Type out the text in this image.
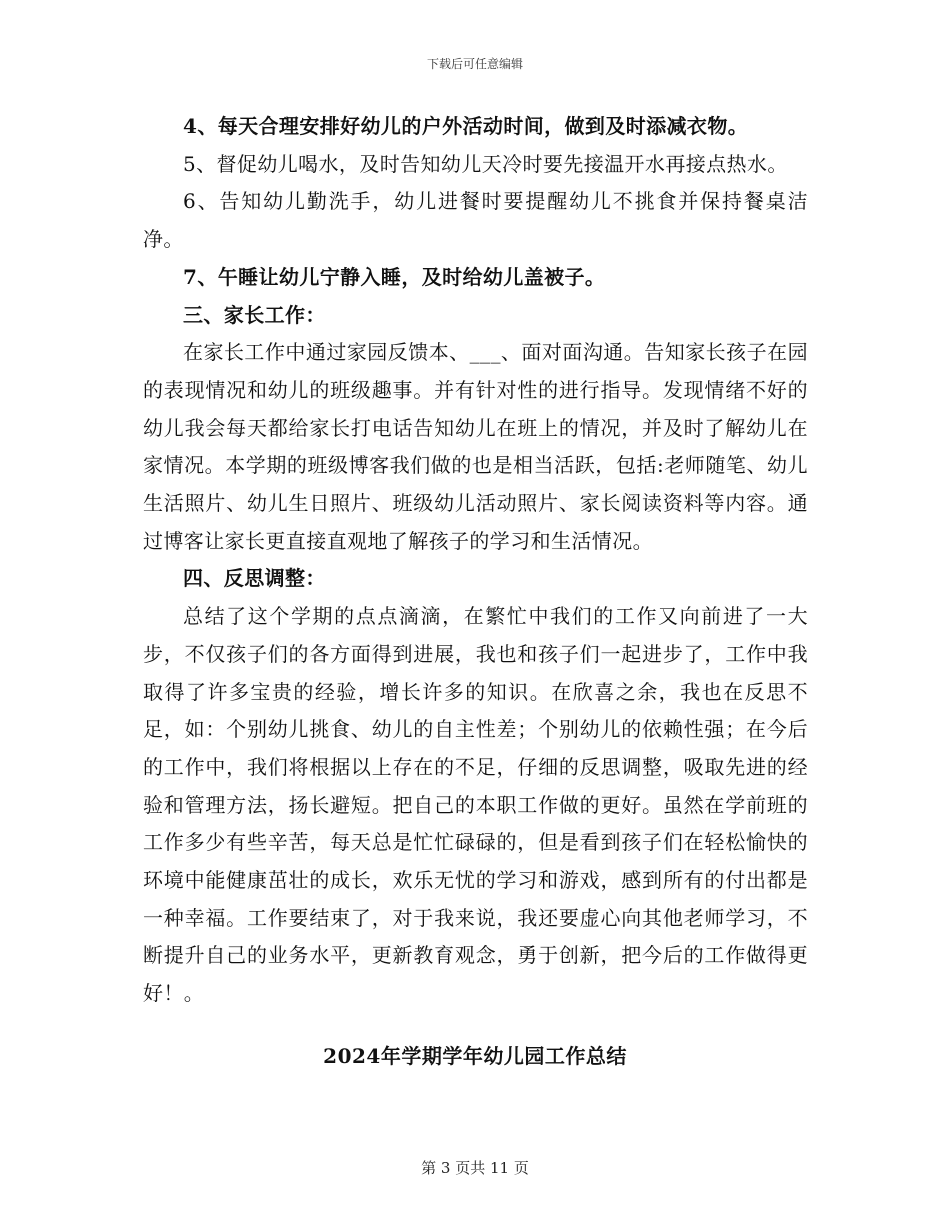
下载后可任意编辑

4、每天合理安排好幼儿的户外活动时间，做到及时添减衣物。

5、督促幼儿喝水，及时告知幼儿天冷时要先接温开水再接点热水。

6、告知幼儿勤洗手，幼儿进餐时要提醒幼儿不挑食并保持餐桌洁净。

7、午睡让幼儿宁静入睡，及时给幼儿盖被子。

三、家长工作：

在家长工作中通过家园反馈本、___、面对面沟通。告知家长孩子在园的表现情况和幼儿的班级趣事。并有针对性的进行指导。发现情绪不好的幼儿我会每天都给家长打电话告知幼儿在班上的情况，并及时了解幼儿在家情况。本学期的班级博客我们做的也是相当活跃，包括:老师随笔、幼儿生活照片、幼儿生日照片、班级幼儿活动照片、家长阅读资料等内容。通过博客让家长更直接直观地了解孩子的学习和生活情况。

四、反思调整：

总结了这个学期的点点滴滴，在繁忙中我们的工作又向前进了一大步，不仅孩子们的各方面得到进展，我也和孩子们一起进步了，工作中我取得了许多宝贵的经验，增长许多的知识。在欣喜之余，我也在反思不足，如：个别幼儿挑食、幼儿的自主性差；个别幼儿的依赖性强；在今后的工作中，我们将根据以上存在的不足，仔细的反思调整，吸取先进的经验和管理方法，扬长避短。把自己的本职工作做的更好。虽然在学前班的工作多少有些辛苦，每天总是忙忙碌碌的，但是看到孩子们在轻松愉快的环境中能健康茁壮的成长，欢乐无忧的学习和游戏，感到所有的付出都是一种幸福。工作要结束了，对于我来说，我还要虚心向其他老师学习，不断提升自己的业务水平，更新教育观念，勇于创新，把今后的工作做得更好！。

2024年学期学年幼儿园工作总结
第 3 页共 11 页
